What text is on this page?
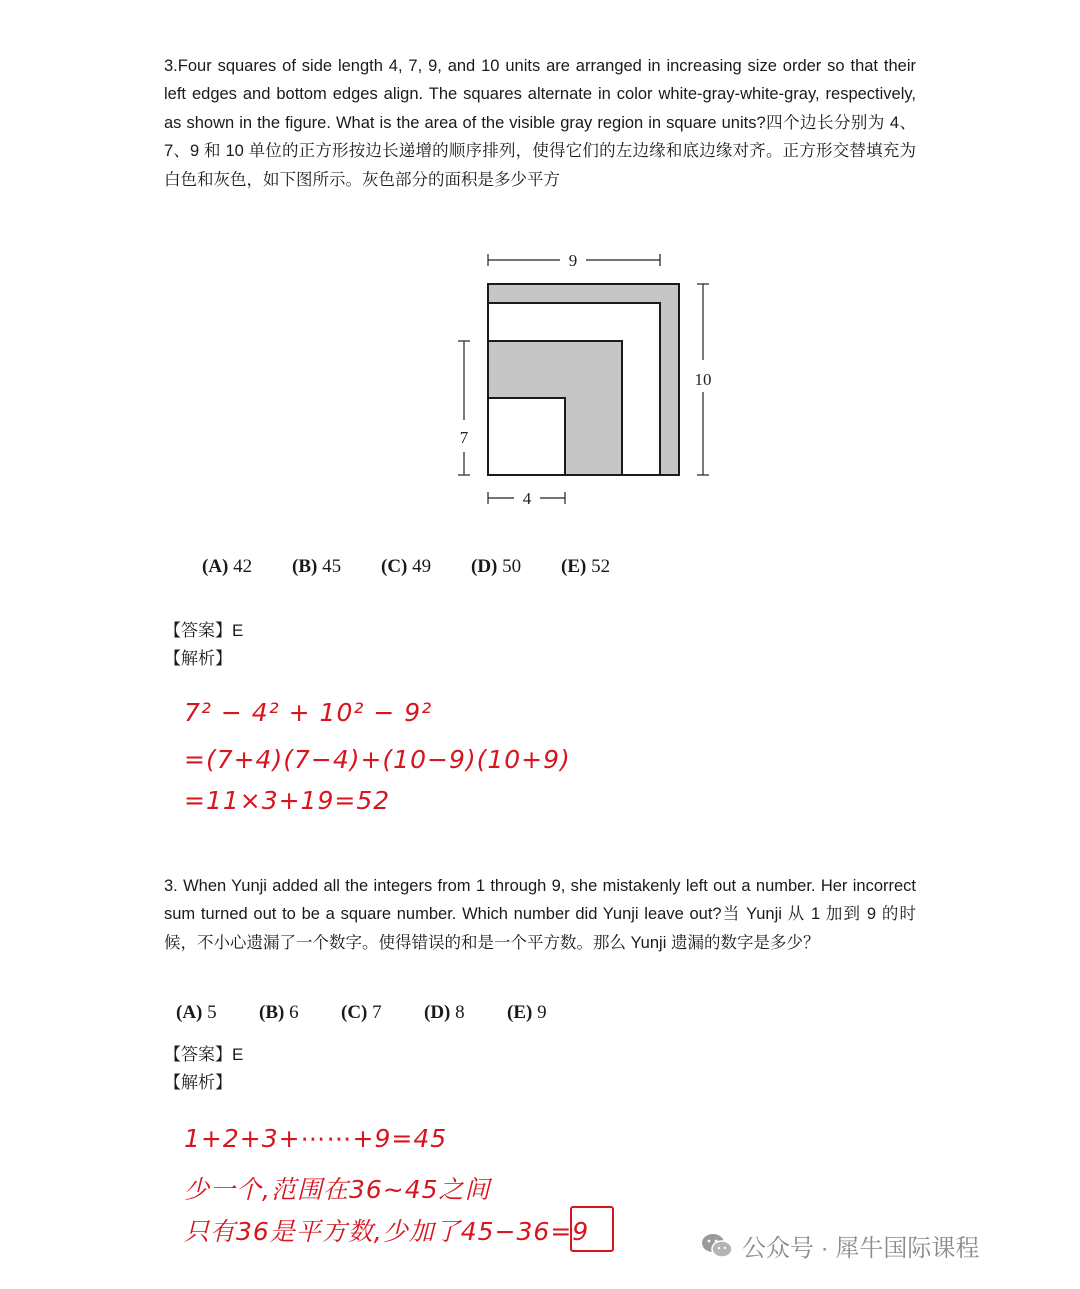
3.Four squares of side length 4, 7, 9, and 10 units are arranged in increasing size order so that their left edges and bottom edges align. The squares alternate in color white-gray-white-gray, respectively, as shown in the figure. What is the area of the visible gray region in square units?四个边长分别为 4、7、9 和 10 单位的正方形按边长递增的顺序排列，使得它们的左边缘和底边缘对齐。正方形交替填充为白色和灰色，如下图所示。灰色部分的面积是多少平方

9
10
7
4
(A) 42	(B) 45	(C) 49	(D) 50	(E) 52
【答案】E
【解析】
7² − 4² + 10² − 9²
=(7+4)(7−4)+(10−9)(10+9)
=11×3+19=52

3. When Yunji added all the integers from 1 through 9, she mistakenly left out a number. Her incorrect sum turned out to be a square number. Which number did Yunji leave out?当 Yunji 从 1 加到 9 的时候，不小心遗漏了一个数字。使得错误的和是一个平方数。那么 Yunji 遗漏的数字是多少？

(A) 5	(B) 6	(C) 7	(D) 8	(E) 9
【答案】E
【解析】
1+2+3+⋯⋯+9=45
少一个,范围在36~45之间
只有36是平方数,少加了45−36=9
公众号 · 犀牛国际课程
